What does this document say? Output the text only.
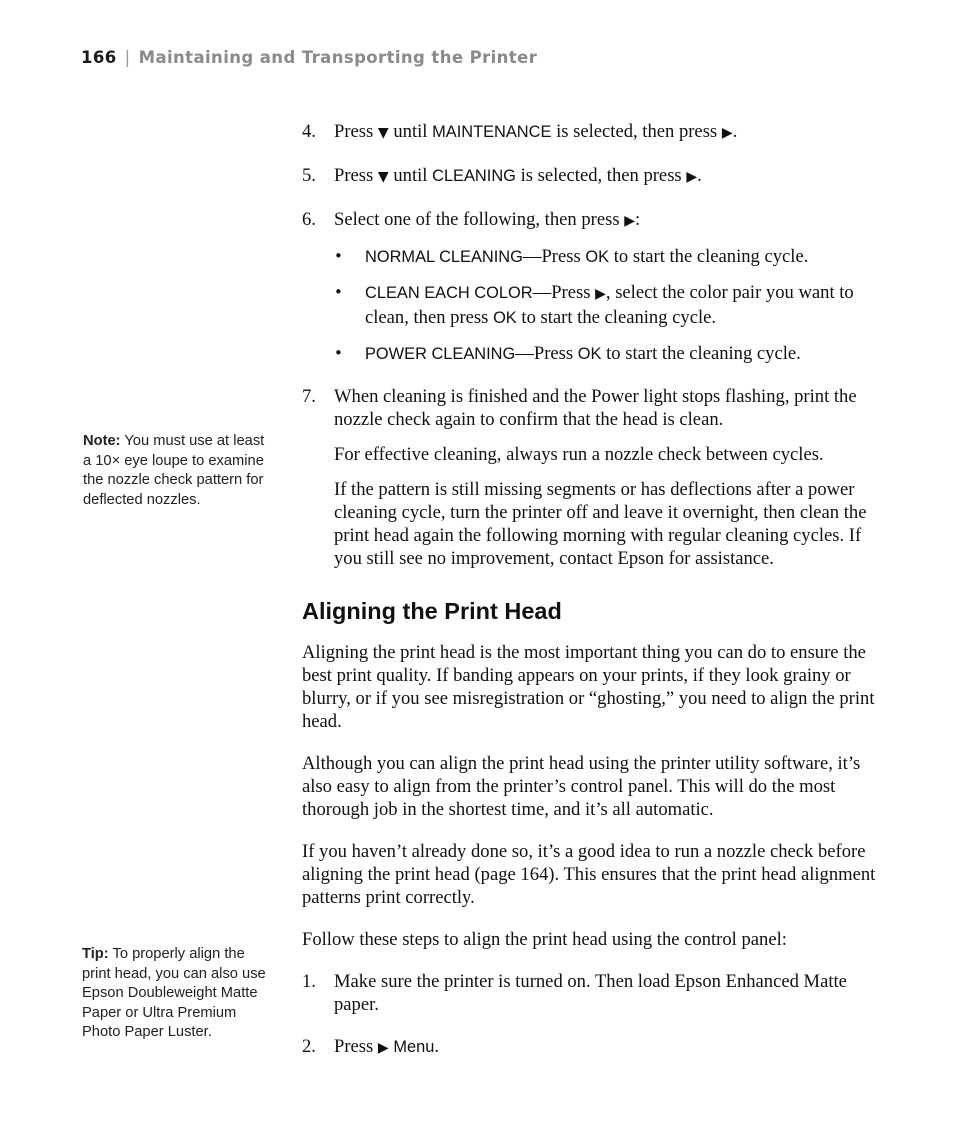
166 | Maintaining and Transporting the Printer
Note: You must use at least a 10× eye loupe to examine the nozzle check pattern for deflected nozzles.
Tip: To properly align the print head, you can also use Epson Doubleweight Matte Paper or Ultra Premium Photo Paper Luster.
4. Press ▼ until MAINTENANCE is selected, then press ▶.
5. Press ▼ until CLEANING is selected, then press ▶.
6. Select one of the following, then press ▶:
• NORMAL CLEANING—Press OK to start the cleaning cycle.
• CLEAN EACH COLOR—Press ▶, select the color pair you want to clean, then press OK to start the cleaning cycle.
• POWER CLEANING—Press OK to start the cleaning cycle.
7. When cleaning is finished and the Power light stops flashing, print the nozzle check again to confirm that the head is clean.

For effective cleaning, always run a nozzle check between cycles.

If the pattern is still missing segments or has deflections after a power cleaning cycle, turn the printer off and leave it overnight, then clean the print head again the following morning with regular cleaning cycles. If you still see no improvement, contact Epson for assistance.

Aligning the Print Head

Aligning the print head is the most important thing you can do to ensure the best print quality. If banding appears on your prints, if they look grainy or blurry, or if you see misregistration or “ghosting,” you need to align the print head.

Although you can align the print head using the printer utility software, it’s also easy to align from the printer’s control panel. This will do the most thorough job in the shortest time, and it’s all automatic.

If you haven’t already done so, it’s a good idea to run a nozzle check before aligning the print head (page 164). This ensures that the print head alignment patterns print correctly.

Follow these steps to align the print head using the control panel:

1. Make sure the printer is turned on. Then load Epson Enhanced Matte paper.
2. Press ▶ Menu.
